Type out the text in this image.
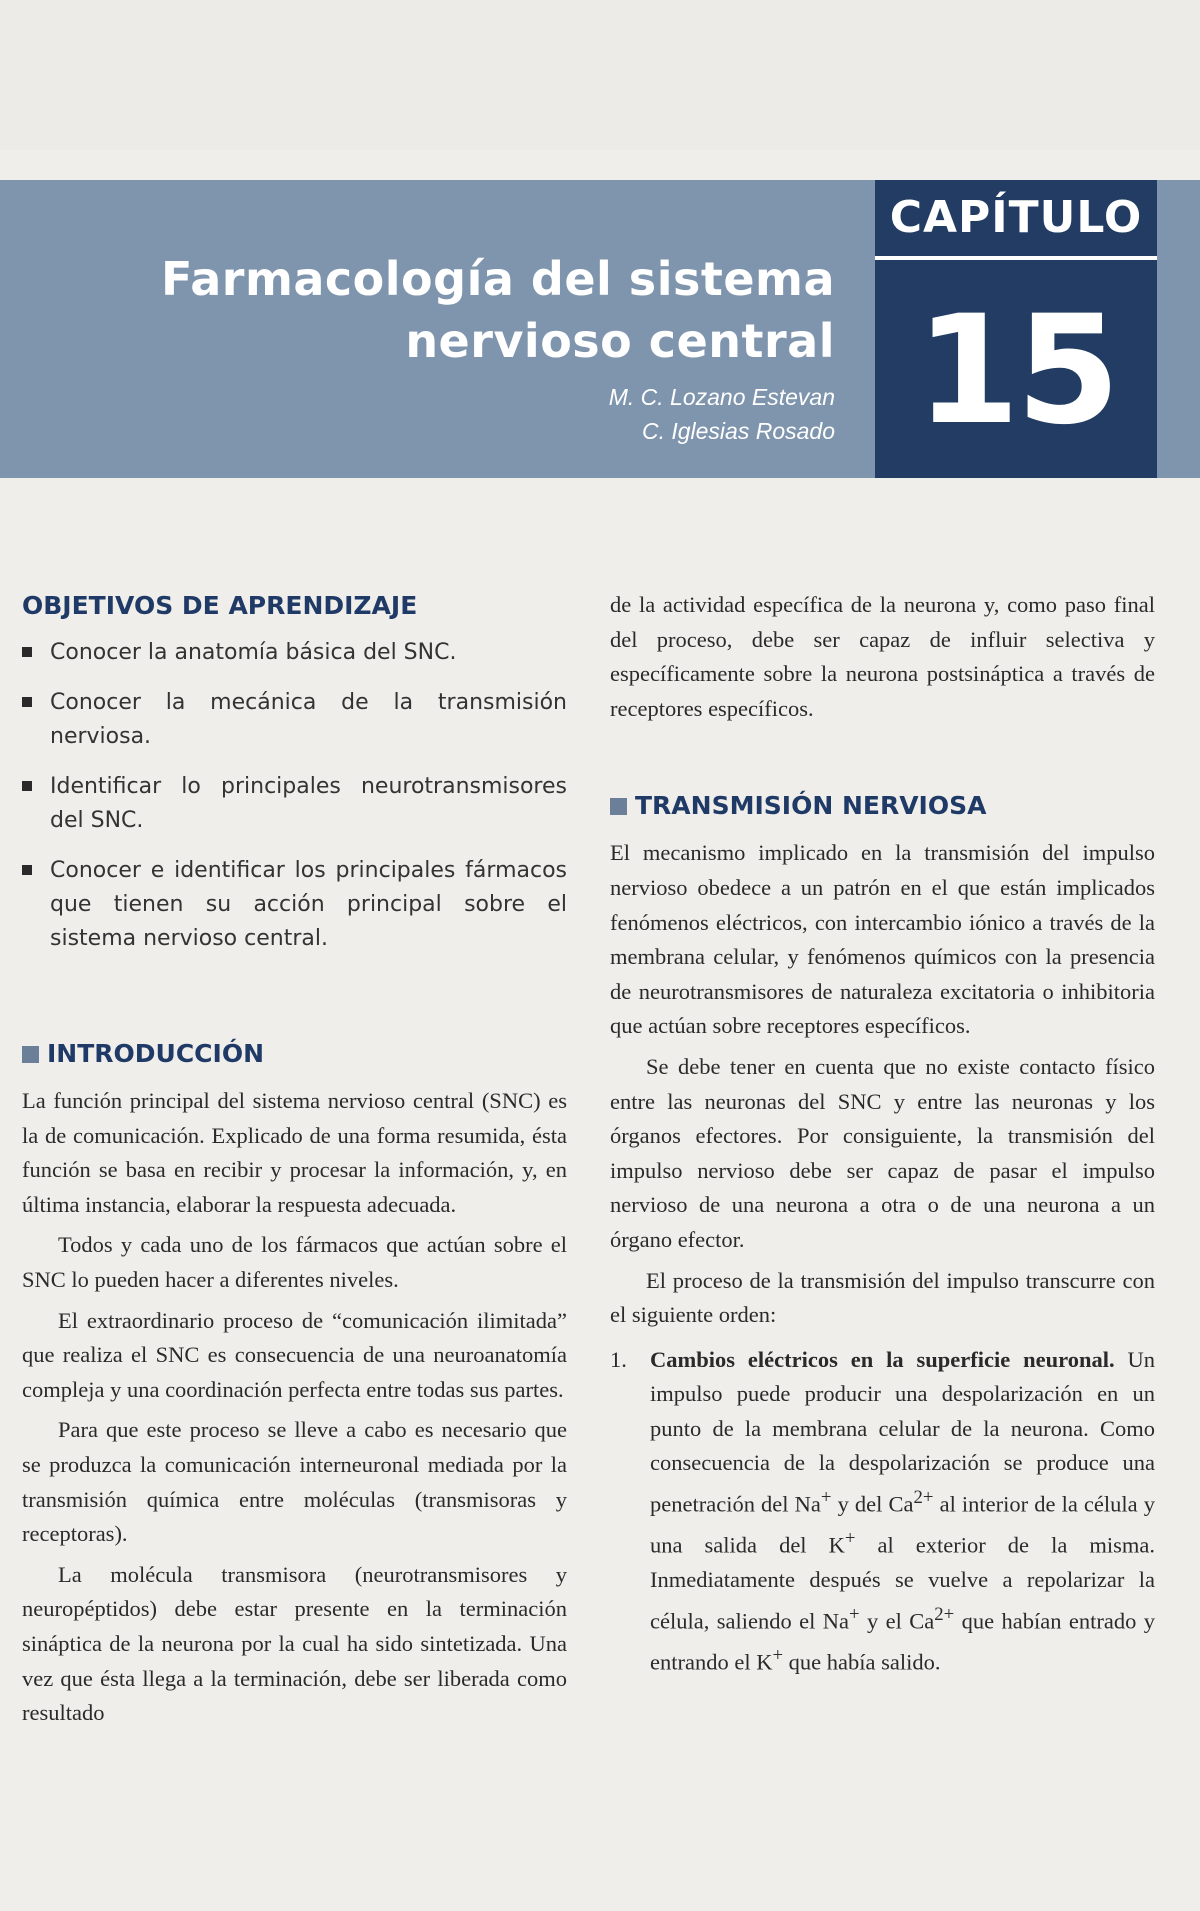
Farmacología del sistema
nervioso central
M. C. Lozano Estevan
C. Iglesias Rosado
CAPÍTULO
15
OBJETIVOS DE APRENDIZAJE
Conocer la anatomía básica del SNC.
Conocer la mecánica de la transmisión nerviosa.
Identificar lo principales neurotransmisores del SNC.
Conocer e identificar los principales fármacos que tienen su acción principal sobre el sistema nervioso central.
INTRODUCCIÓN

La función principal del sistema nervioso central (SNC) es la de comunicación. Explicado de una forma resumida, ésta función se basa en recibir y procesar la información, y, en última instancia, elaborar la respuesta adecuada.

Todos y cada uno de los fármacos que actúan sobre el SNC lo pueden hacer a diferentes niveles.

El extraordinario proceso de “comunicación ilimitada” que realiza el SNC es consecuencia de una neuroanatomía compleja y una coordinación perfecta entre todas sus partes.

Para que este proceso se lleve a cabo es necesario que se produzca la comunicación interneuronal mediada por la transmisión química entre moléculas (transmisoras y receptoras).

La molécula transmisora (neurotransmisores y neuropéptidos) debe estar presente en la terminación sináptica de la neurona por la cual ha sido sintetizada. Una vez que ésta llega a la terminación, debe ser liberada como resultado

de la actividad específica de la neurona y, como paso final del proceso, debe ser capaz de influir selectiva y específicamente sobre la neurona postsináptica a través de receptores específicos.

TRANSMISIÓN NERVIOSA

El mecanismo implicado en la transmisión del impulso nervioso obedece a un patrón en el que están implicados fenómenos eléctricos, con intercambio iónico a través de la membrana celular, y fenómenos químicos con la presencia de neurotransmisores de naturaleza excitatoria o inhibitoria que actúan sobre receptores específicos.

Se debe tener en cuenta que no existe contacto físico entre las neuronas del SNC y entre las neuronas y los órganos efectores. Por consiguiente, la transmisión del impulso nervioso debe ser capaz de pasar el impulso nervioso de una neurona a otra o de una neurona a un órgano efector.

El proceso de la transmisión del impulso transcurre con el siguiente orden:

1. Cambios eléctricos en la superficie neuronal. Un impulso puede producir una despolarización en un punto de la membrana celular de la neurona. Como consecuencia de la despolarización se produce una penetración del Na+ y del $Ca^{2+}$ al interior de la célula y una salida del K+ al exterior de la misma. Inmediatamente después se vuelve a repolarizar la célula, saliendo el Na+ y el $Ca^{2+}$ que habían entrado y entrando el K+ que había salido.
